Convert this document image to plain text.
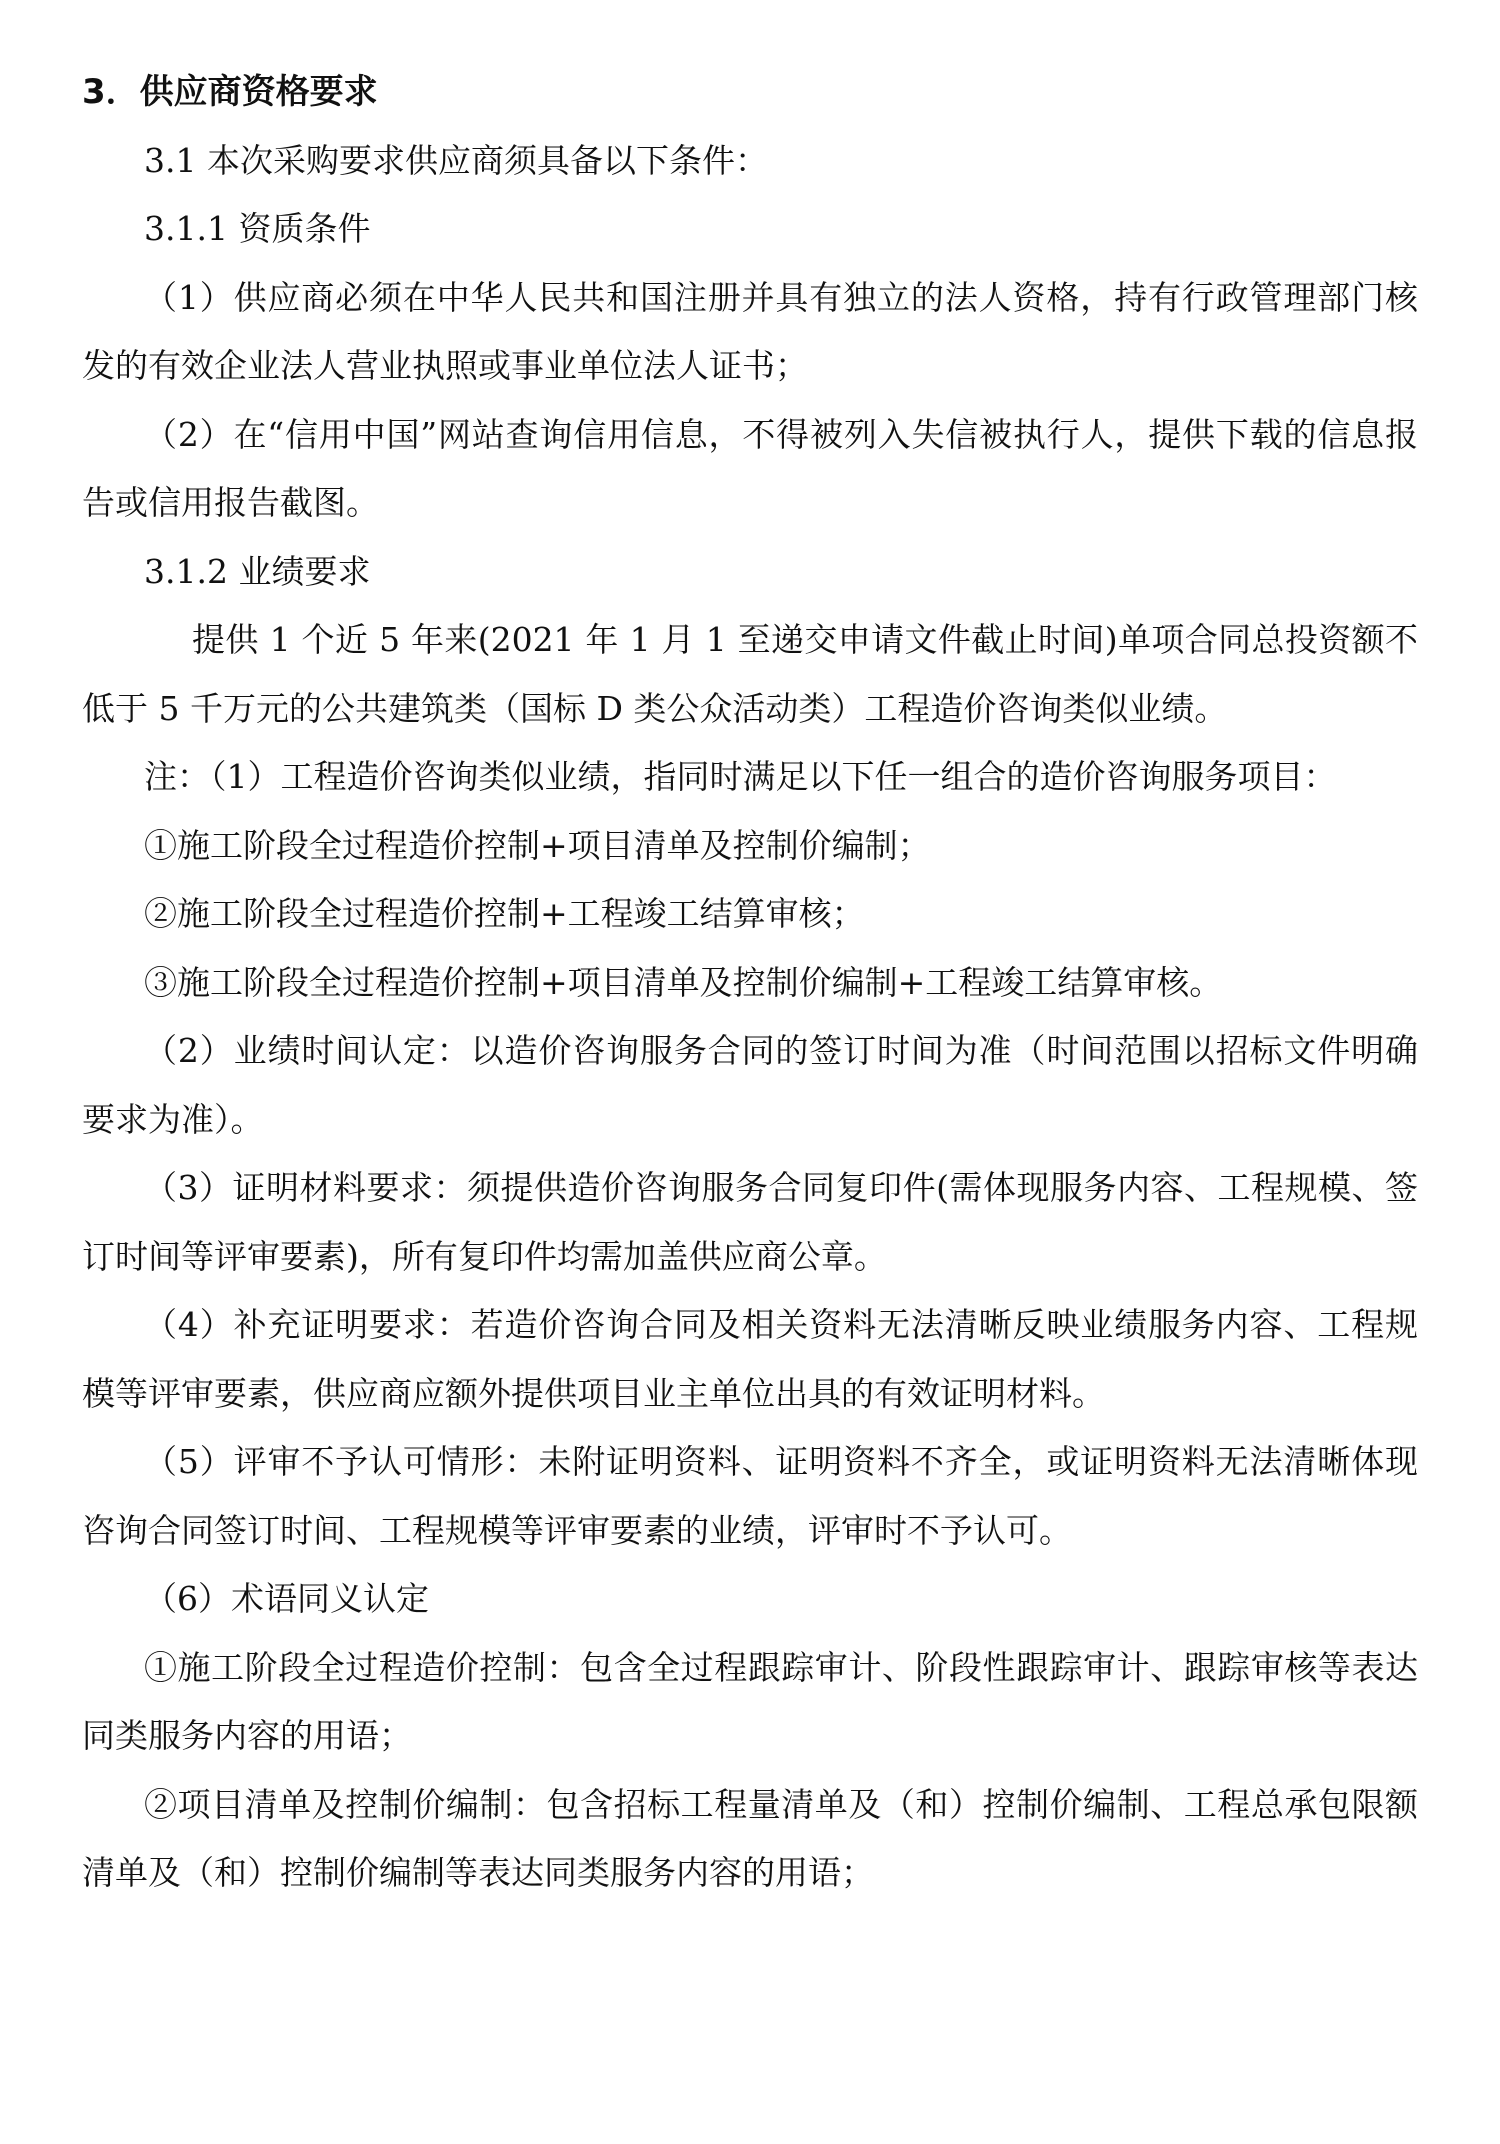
3．供应商资格要求

3.1 本次采购要求供应商须具备以下条件：

3.1.1 资质条件

（1）供应商必须在中华人民共和国注册并具有独立的法人资格，持有行政管理部门核发的有效企业法人营业执照或事业单位法人证书；

（2）在“信用中国”网站查询信用信息，不得被列入失信被执行人，提供下载的信息报告或信用报告截图。

3.1.2 业绩要求

提供 1 个近 5 年来(2021 年 1 月 1 至递交申请文件截止时间)单项合同总投资额不低于 5 千万元的公共建筑类（国标 D 类公众活动类）工程造价咨询类似业绩。

注：（1）工程造价咨询类似业绩，指同时满足以下任一组合的造价咨询服务项目：

①施工阶段全过程造价控制+项目清单及控制价编制；

②施工阶段全过程造价控制+工程竣工结算审核；

③施工阶段全过程造价控制+项目清单及控制价编制+工程竣工结算审核。

（2）业绩时间认定：以造价咨询服务合同的签订时间为准（时间范围以招标文件明确要求为准）。

（3）证明材料要求：须提供造价咨询服务合同复印件(需体现服务内容、工程规模、签订时间等评审要素)，所有复印件均需加盖供应商公章。

（4）补充证明要求：若造价咨询合同及相关资料无法清晰反映业绩服务内容、工程规模等评审要素，供应商应额外提供项目业主单位出具的有效证明材料。

（5）评审不予认可情形：未附证明资料、证明资料不齐全，或证明资料无法清晰体现咨询合同签订时间、工程规模等评审要素的业绩，评审时不予认可。

（6）术语同义认定

①施工阶段全过程造价控制：包含全过程跟踪审计、阶段性跟踪审计、跟踪审核等表达同类服务内容的用语；

②项目清单及控制价编制：包含招标工程量清单及（和）控制价编制、工程总承包限额清单及（和）控制价编制等表达同类服务内容的用语；
